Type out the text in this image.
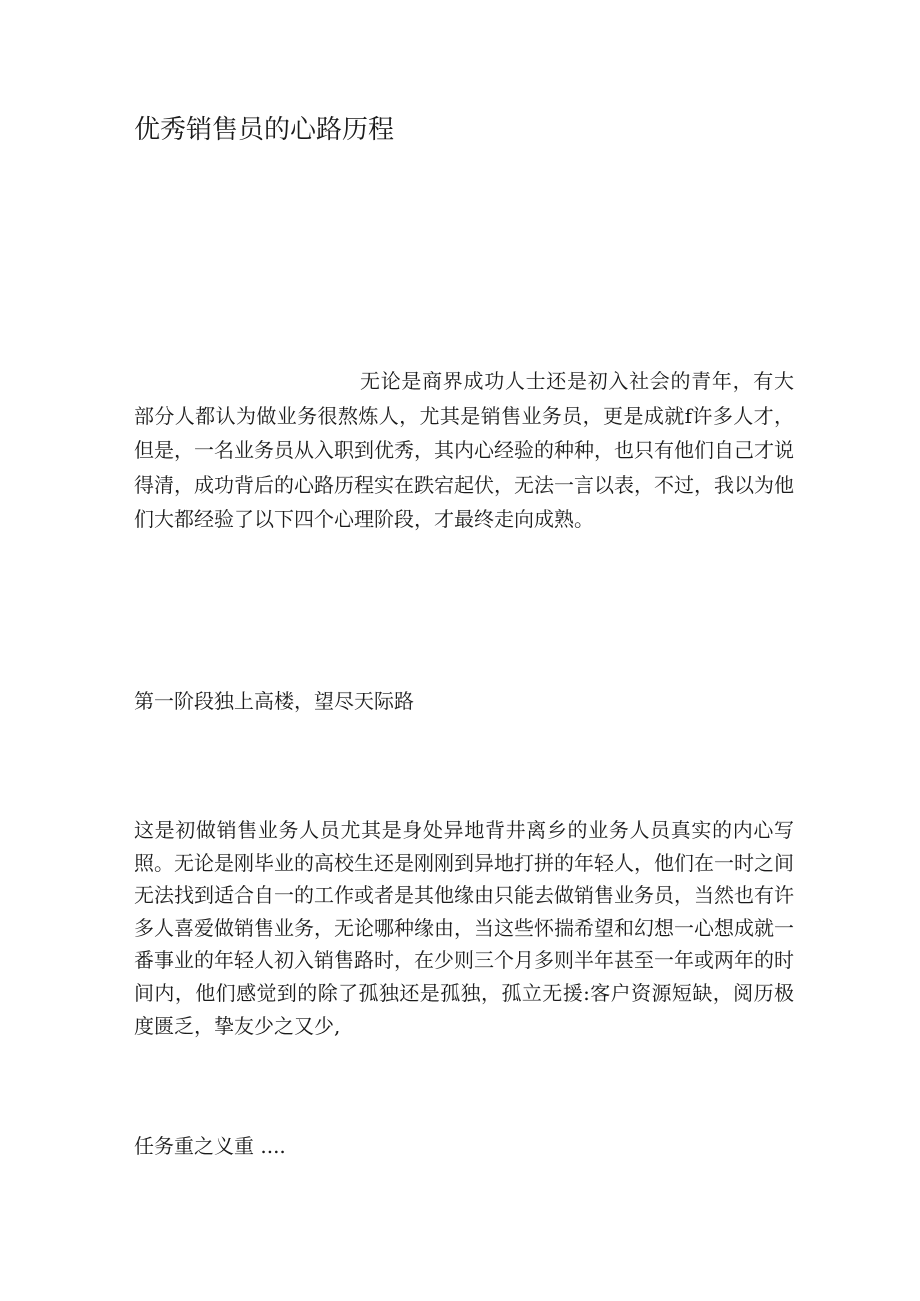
优秀销售员的心路历程

无论是商界成功人士还是初入社会的青年，有大部分人都认为做业务很熬炼人，尤其是销售业务员，更是成就f许多人才，但是，一名业务员从入职到优秀，其内心经验的种种，也只有他们自己才说得清，成功背后的心路历程实在跌宕起伏，无法一言以表，不过，我以为他们大都经验了以下四个心理阶段，才最终走向成熟。

第一阶段独上高楼，望尽天际路

这是初做销售业务人员尤其是身处异地背井离乡的业务人员真实的内心写照。无论是刚毕业的高校生还是刚刚到异地打拼的年轻人，他们在一时之间无法找到适合自一的工作或者是其他缘由只能去做销售业务员，当然也有许多人喜爱做销售业务，无论哪种缘由，当这些怀揣希望和幻想一心想成就一番事业的年轻人初入销售路时，在少则三个月多则半年甚至一年或两年的时间内，他们感觉到的除了孤独还是孤独，孤立无援:客户资源短缺，阅历极度匮乏，挚友少之又少,

任务重之义重 ....
